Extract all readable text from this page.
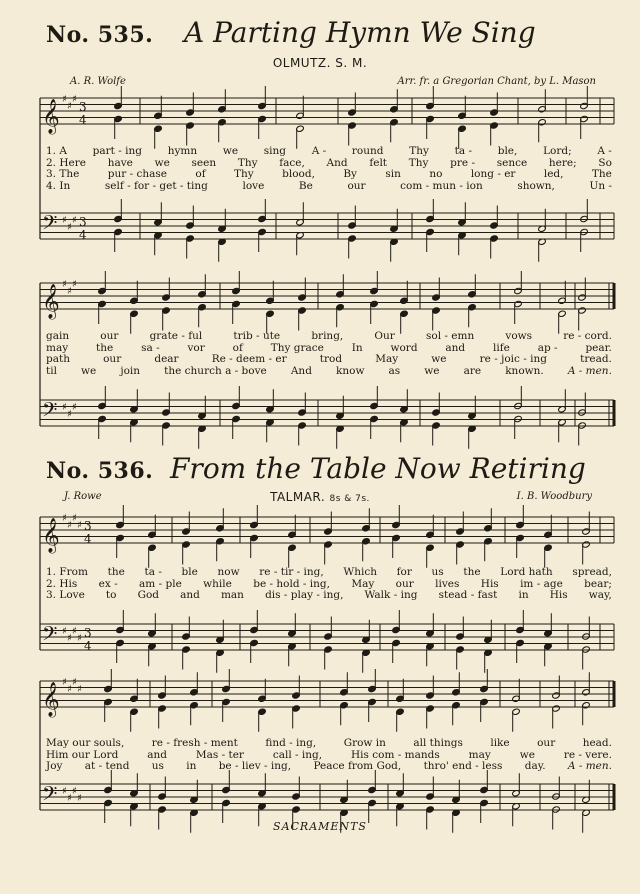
No. 535. A Parting Hymn We Sing
OLMUTZ. S. M.
A. R. Wolfe	Arr. fr. a Gregorian Chant, by L. Mason
𝄞
𝄢
♯
♯
♯
♯
♯
♯
3
4
3
4
𝄞
𝄢
♯
♯
♯
♯
♯
♯
𝄞
𝄢
♯
♯
♯
♯
♯
♯
♯
♯
3
4
3
4
𝄞
𝄢
♯
♯
♯
♯
♯
♯
♯
♯
1. A part - ing hymn we sing A - round Thy ta - ble, Lord; A -
2. Here have we seen Thy face, And felt Thy pre - sence here; So
3. The	pur - chase	of	Thy	blood,	By	sin	no	long - er	led,	The
4. In	self - for - get - ting	love	Be	our	com - mun - ion	shown,	Un -
gain	our	grate - ful	trib - ute	bring,	Our	sol - emn	vows	re - cord.
may	the	sa -	vor	of	Thy grace	In	word	and	life	ap -	pear.
path	our	dear	Re - deem - er	trod	May	we	re - joic - ing	tread.
til we join the church a - bove And know as we are known. A - men.
No. 536. From the Table Now Retiring
TALMAR. 8s & 7s.
J. Rowe	I. B. Woodbury
1. From the ta - ble now re - tir - ing, Which for us the Lord hath spread,
2. His ex - am - ple while be - hold - ing, May our lives His im - age bear;
3. Love to God and man dis - play - ing, Walk - ing stead - fast in His way,
May our souls,	re - fresh - ment	find - ing,	Grow in	all things	like	our	head.
Him our Lord	and	Mas - ter	call - ing,	His com - mands	may	we	re - vere.
Joy at - tend us in be - liev - ing, Peace from God, thro' end - less day. A - men.
SACRAMENTS
